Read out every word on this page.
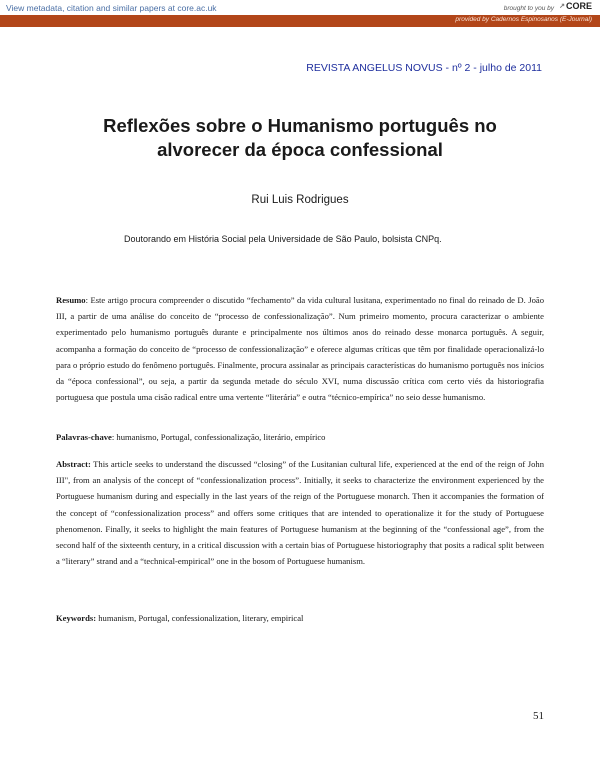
View metadata, citation and similar papers at core.ac.uk	brought to you by ↗ CORE
provided by Cadernos Espinosanos (E-Journal)
REVISTA ANGELUS NOVUS - nº 2 - julho de 2011
Reflexões sobre o Humanismo português no
alvorecer da época confessional
Rui Luis Rodrigues
Doutorando em História Social pela Universidade de São Paulo, bolsista CNPq.
Resumo: Este artigo procura compreender o discutido “fechamento” da vida cultural lusitana, experimentado no final do reinado de D. João III, a partir de uma análise do conceito de “processo de confessionalização”. Num primeiro momento, procura caracterizar o ambiente experimentado pelo humanismo português durante e principalmente nos últimos anos do reinado desse monarca português. A seguir, acompanha a formação do conceito de “processo de confessionalização” e oferece algumas críticas que têm por finalidade operacionalizá-lo para o próprio estudo do fenômeno português. Finalmente, procura assinalar as principais características do humanismo português nos inícios da “época confessional”, ou seja, a partir da segunda metade do século XVI, numa discussão crítica com certo viés da historiografia portuguesa que postula uma cisão radical entre uma vertente “literária” e outra “técnico-empírica” no seio desse humanismo.
Palavras-chave: humanismo, Portugal, confessionalização, literário, empírico
Abstract: This article seeks to understand the discussed “closing” of the Lusitanian cultural life, experienced at the end of the reign of John III", from an analysis of the concept of “confessionalization process”. Initially, it seeks to characterize the environment experienced by the Portuguese humanism during and especially in the last years of the reign of the Portuguese monarch. Then it accompanies the formation of the concept of “confessionalization process” and offers some critiques that are intended to operationalize it for the study of Portuguese phenomenon. Finally, it seeks to highlight the main features of Portuguese humanism at the beginning of the “confessional age”, from the second half of the sixteenth century, in a critical discussion with a certain bias of Portuguese historiography that posits a radical split between a “literary” strand and a “technical-empirical” one in the bosom of Portuguese humanism.
Keywords: humanism, Portugal, confessionalization, literary, empirical
51
